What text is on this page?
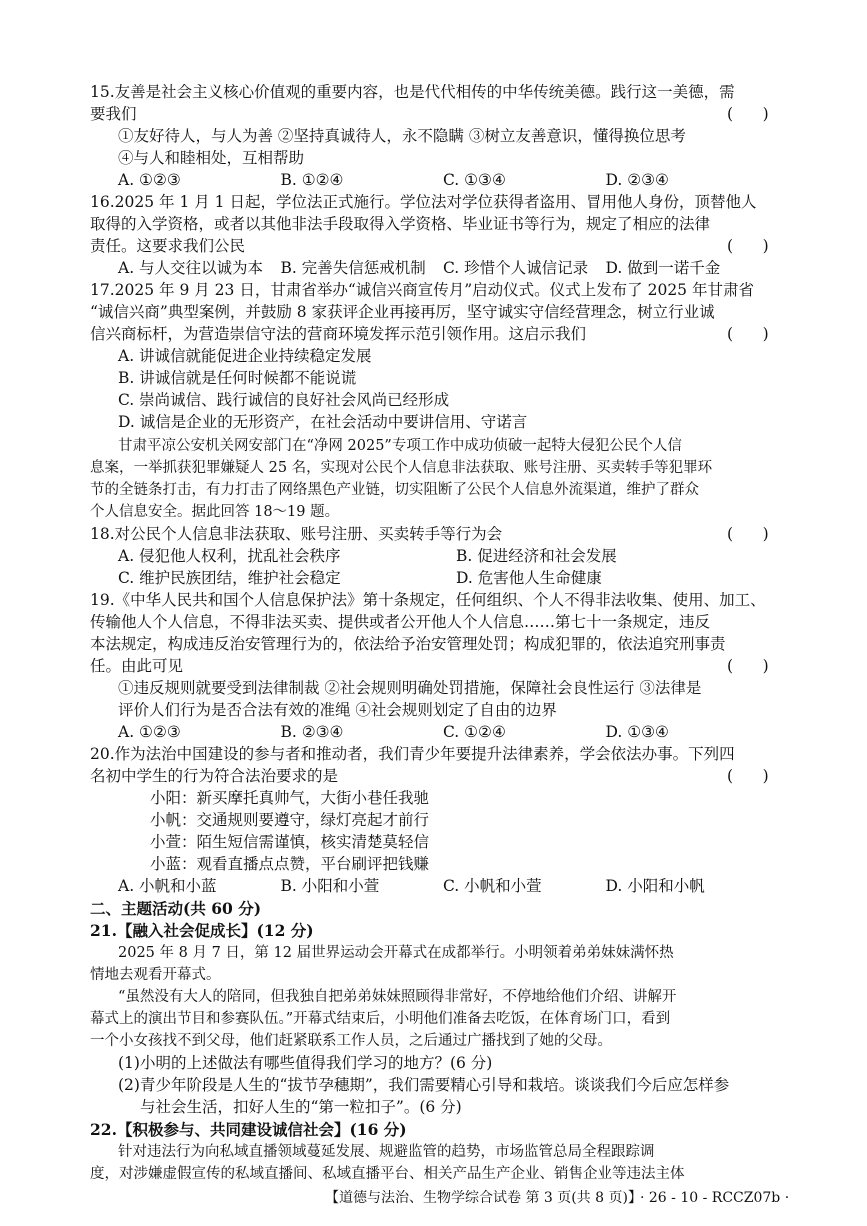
15.友善是社会主义核心价值观的重要内容，也是代代相传的中华传统美德。践行这一美德，需
要我们	(      )
①友好待人，与人为善 ②坚持真诚待人，永不隐瞒 ③树立友善意识，懂得换位思考
④与人和睦相处，互相帮助
A. ①②③	B. ①②④	C. ①③④	D. ②③④
16.2025 年 1 月 1 日起，学位法正式施行。学位法对学位获得者盗用、冒用他人身份，顶替他人
取得的入学资格，或者以其他非法手段取得入学资格、毕业证书等行为，规定了相应的法律
责任。这要求我们公民	(      )
A. 与人交往以诚为本	B. 完善失信惩戒机制	C. 珍惜个人诚信记录	D. 做到一诺千金
17.2025 年 9 月 23 日，甘肃省举办“诚信兴商宣传月”启动仪式。仪式上发布了 2025 年甘肃省
“诚信兴商”典型案例，并鼓励 8 家获评企业再接再厉，坚守诚实守信经营理念，树立行业诚
信兴商标杆，为营造崇信守法的营商环境发挥示范引领作用。这启示我们	(      )
A. 讲诚信就能促进企业持续稳定发展
B. 讲诚信就是任何时候都不能说谎
C. 崇尚诚信、践行诚信的良好社会风尚已经形成
D. 诚信是企业的无形资产，在社会活动中要讲信用、守诺言
甘肃平凉公安机关网安部门在“净网 2025”专项工作中成功侦破一起特大侵犯公民个人信
息案，一举抓获犯罪嫌疑人 25 名，实现对公民个人信息非法获取、账号注册、买卖转手等犯罪环
节的全链条打击，有力打击了网络黑色产业链，切实阻断了公民个人信息外流渠道，维护了群众
个人信息安全。据此回答 18～19 题。
18.对公民个人信息非法获取、账号注册、买卖转手等行为会	(      )
A. 侵犯他人权利，扰乱社会秩序	B. 促进经济和社会发展
C. 维护民族团结，维护社会稳定	D. 危害他人生命健康
19.《中华人民共和国个人信息保护法》第十条规定，任何组织、个人不得非法收集、使用、加工、
传输他人个人信息，不得非法买卖、提供或者公开他人个人信息……第七十一条规定，违反
本法规定，构成违反治安管理行为的，依法给予治安管理处罚；构成犯罪的，依法追究刑事责
任。由此可见	(      )
①违反规则就要受到法律制裁 ②社会规则明确处罚措施，保障社会良性运行 ③法律是
评价人们行为是否合法有效的准绳 ④社会规则划定了自由的边界
A. ①②③	B. ②③④	C. ①②④	D. ①③④
20.作为法治中国建设的参与者和推动者，我们青少年要提升法律素养，学会依法办事。下列四
名初中学生的行为符合法治要求的是	(      )
小阳：新买摩托真帅气，大街小巷任我驰
小帆：交通规则要遵守，绿灯亮起才前行
小萱：陌生短信需谨慎，核实清楚莫轻信
小蓝：观看直播点点赞，平台刷评把钱赚
A. 小帆和小蓝	B. 小阳和小萱	C. 小帆和小萱	D. 小阳和小帆
二、主题活动(共 60 分)
21.【融入社会促成长】(12 分)
2025 年 8 月 7 日，第 12 届世界运动会开幕式在成都举行。小明领着弟弟妹妹满怀热
情地去观看开幕式。
“虽然没有大人的陪同，但我独自把弟弟妹妹照顾得非常好，不停地给他们介绍、讲解开
幕式上的演出节目和参赛队伍。”开幕式结束后，小明他们准备去吃饭，在体育场门口，看到
一个小女孩找不到父母，他们赶紧联系工作人员，之后通过广播找到了她的父母。
(1)小明的上述做法有哪些值得我们学习的地方？(6 分)
(2)青少年阶段是人生的“拔节孕穗期”，我们需要精心引导和栽培。谈谈我们今后应怎样参
与社会生活，扣好人生的“第一粒扣子”。(6 分)
22.【积极参与、共同建设诚信社会】(16 分)
针对违法行为向私域直播领域蔓延发展、规避监管的趋势，市场监管总局全程跟踪调
度，对涉嫌虚假宣传的私域直播间、私域直播平台、相关产品生产企业、销售企业等违法主体
【道德与法治、生物学综合试卷 第 3 页(共 8 页)】
· 26 - 10 - RCCZ07b ·
